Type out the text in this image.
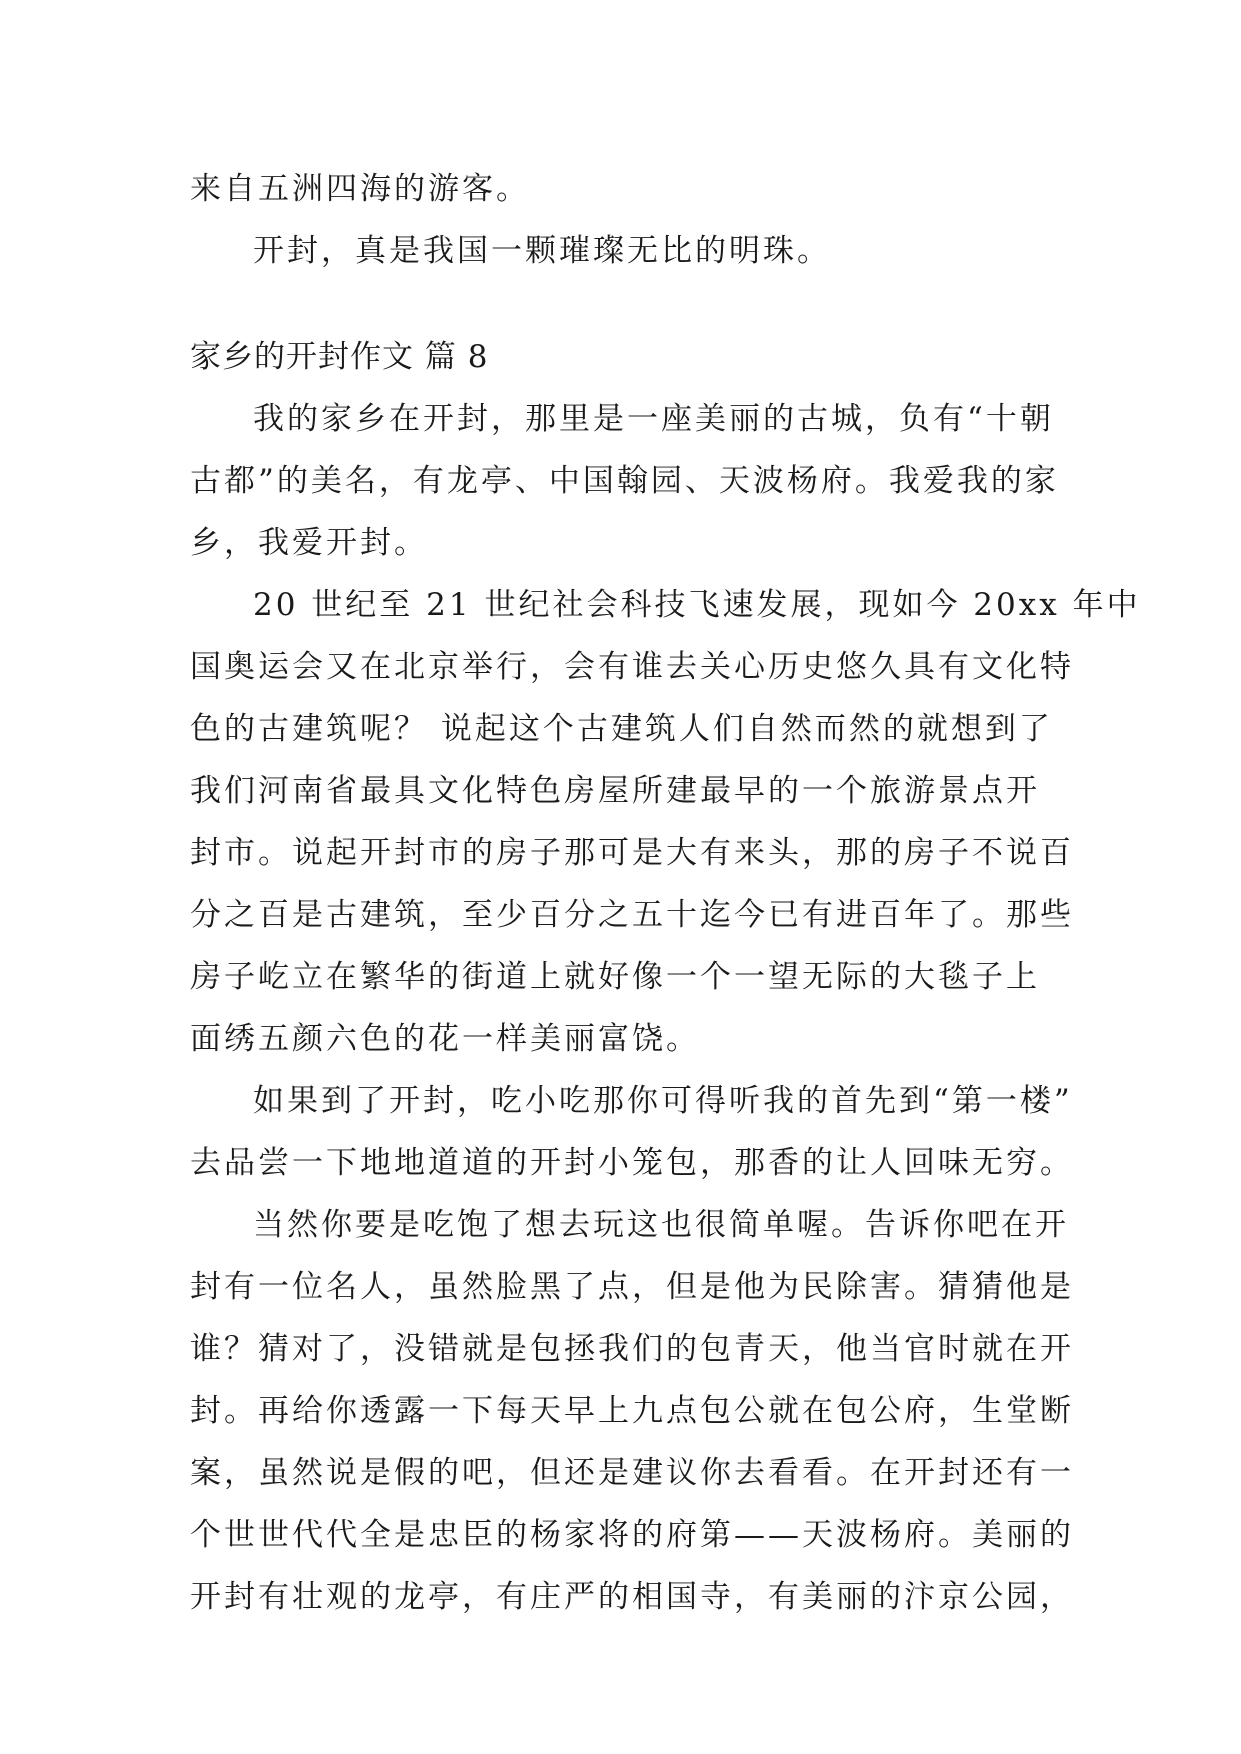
来自五洲四海的游客。
开封，真是我国一颗璀璨无比的明珠。
家乡的开封作文 篇 8
我的家乡在开封，那里是一座美丽的古城，负有“十朝
古都”的美名，有龙亭、中国翰园、天波杨府。我爱我的家
乡，我爱开封。
20 世纪至 21 世纪社会科技飞速发展，现如今 20xx 年中
国奥运会又在北京举行，会有谁去关心历史悠久具有文化特
色的古建筑呢？ 说起这个古建筑人们自然而然的就想到了
我们河南省最具文化特色房屋所建最早的一个旅游景点开
封市。说起开封市的房子那可是大有来头，那的房子不说百
分之百是古建筑，至少百分之五十迄今已有进百年了。那些
房子屹立在繁华的街道上就好像一个一望无际的大毯子上
面绣五颜六色的花一样美丽富饶。
如果到了开封，吃小吃那你可得听我的首先到“第一楼”
去品尝一下地地道道的开封小笼包，那香的让人回味无穷。
当然你要是吃饱了想去玩这也很简单喔。告诉你吧在开
封有一位名人，虽然脸黑了点，但是他为民除害。猜猜他是
谁？猜对了，没错就是包拯我们的包青天，他当官时就在开
封。再给你透露一下每天早上九点包公就在包公府，生堂断
案，虽然说是假的吧，但还是建议你去看看。在开封还有一
个世世代代全是忠臣的杨家将的府第——天波杨府。美丽的
开封有壮观的龙亭，有庄严的相国寺，有美丽的汴京公园，
